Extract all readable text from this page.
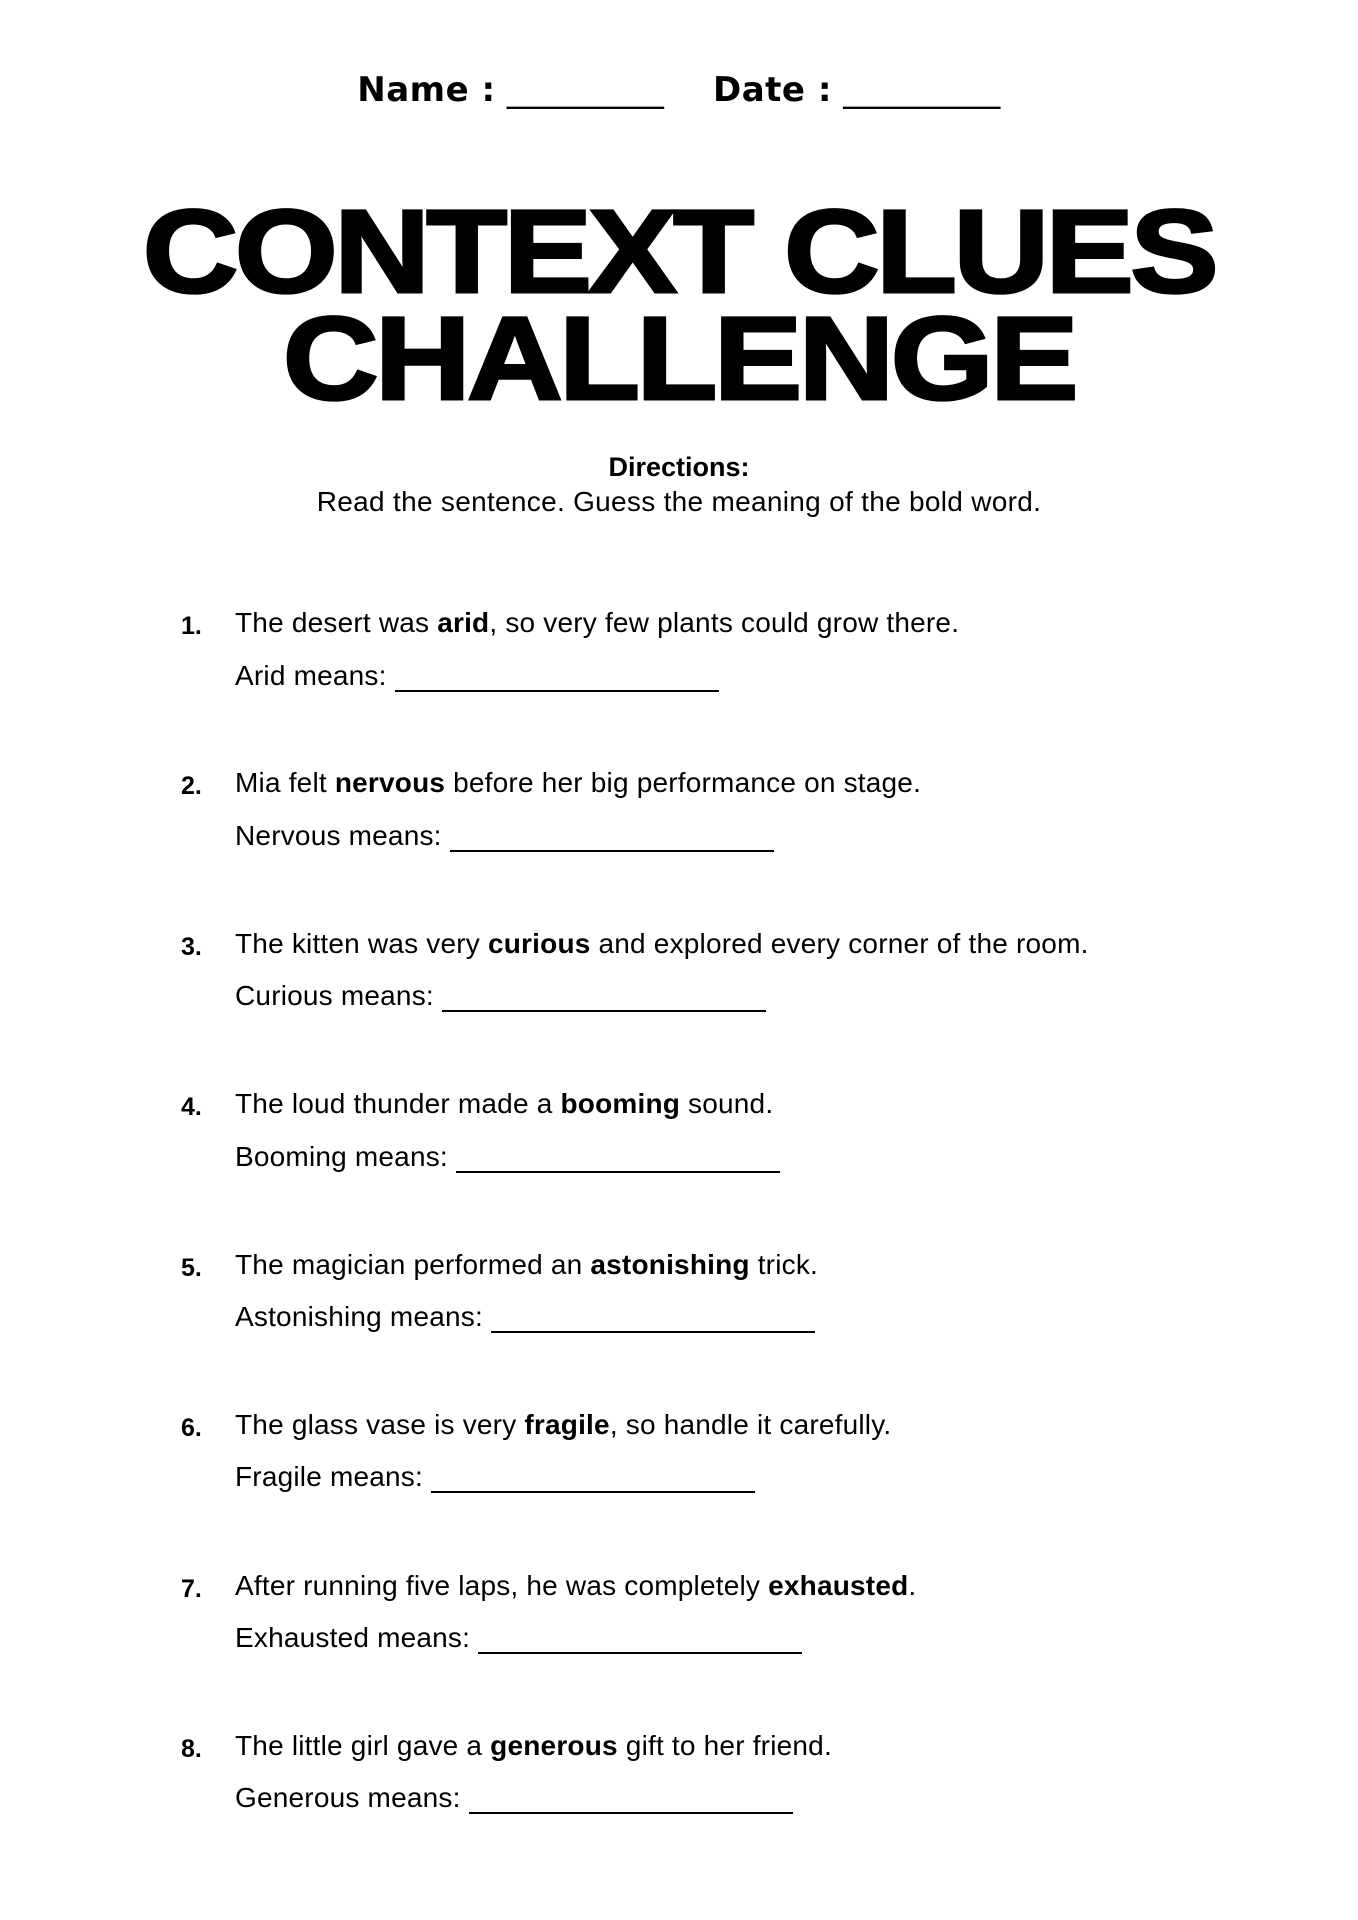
Name : _________ Date : _________
CONTEXT CLUES
CHALLENGE
Directions:
Read the sentence. Guess the meaning of the bold word.
1. The desert was arid, so very few plants could grow there.
Arid means:
2. Mia felt nervous before her big performance on stage.
Nervous means:
3. The kitten was very curious and explored every corner of the room.
Curious means:
4. The loud thunder made a booming sound.
Booming means:
5. The magician performed an astonishing trick.
Astonishing means:
6. The glass vase is very fragile, so handle it carefully.
Fragile means:
7. After running five laps, he was completely exhausted.
Exhausted means:
8. The little girl gave a generous gift to her friend.
Generous means:
